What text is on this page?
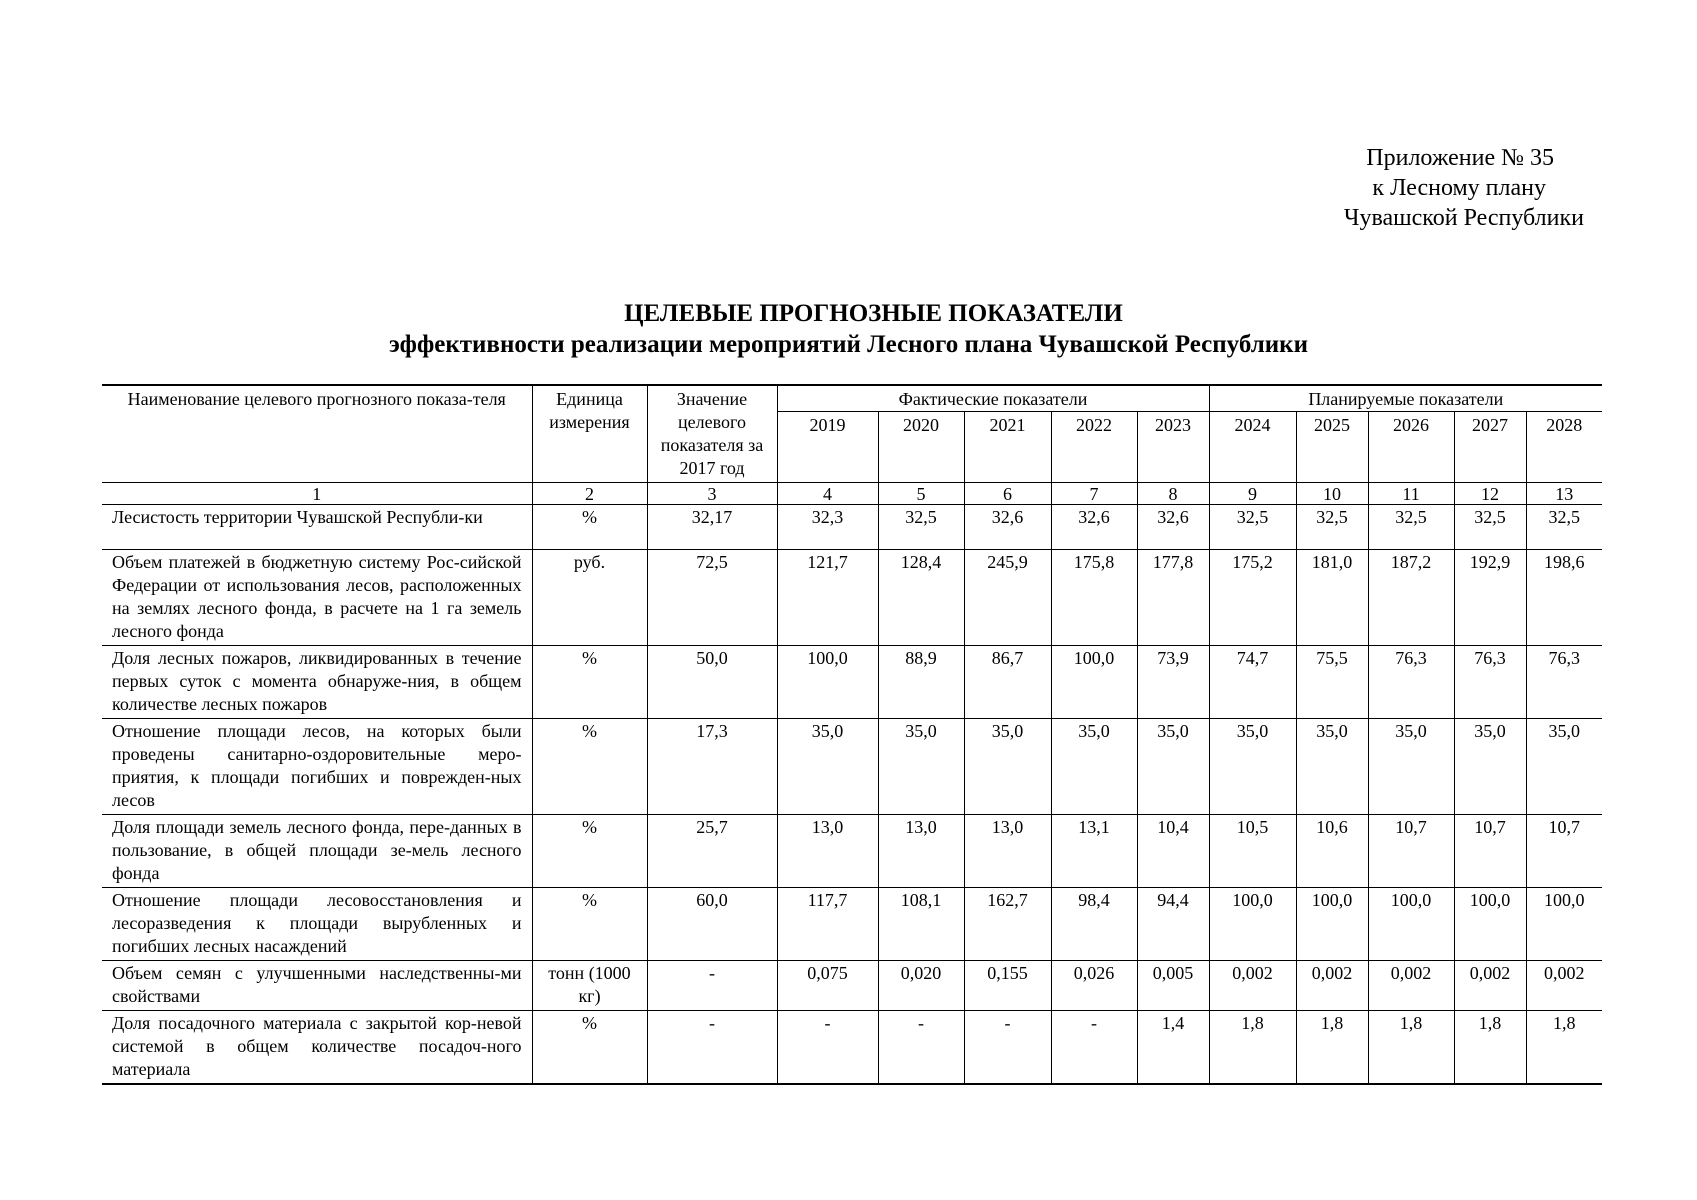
Приложение № 35
к Лесному плану
Чувашской Республики
ЦЕЛЕВЫЕ ПРОГНОЗНЫЕ ПОКАЗАТЕЛИ
эффективности реализации мероприятий Лесного плана Чувашской Республики
Наименование целевого прогнозного показа-теля	Единица измерения	Значение целевого показателя за 2017 год	Фактические показатели					Планируемые показатели				
			2019	2020	2021	2022	2023	2024	2025	2026	2027	2028
1	2	3	4	5	6	7	8	9	10	11	12	13
Лесистость территории Чувашской Республи-ки	%	32,17	32,3	32,5	32,6	32,6	32,6	32,5	32,5	32,5	32,5	32,5
Объем платежей в бюджетную систему Рос-сийской Федерации от использования лесов, расположенных на землях лесного фонда, в расчете на 1 га земель лесного фонда	руб.	72,5	121,7	128,4	245,9	175,8	177,8	175,2	181,0	187,2	192,9	198,6
Доля лесных пожаров, ликвидированных в течение первых суток с момента обнаруже-ния, в общем количестве лесных пожаров	%	50,0	100,0	88,9	86,7	100,0	73,9	74,7	75,5	76,3	76,3	76,3
Отношение площади лесов, на которых были проведены санитарно-оздоровительные меро-приятия, к площади погибших и поврежден-ных лесов	%	17,3	35,0	35,0	35,0	35,0	35,0	35,0	35,0	35,0	35,0	35,0
Доля площади земель лесного фонда, пере-данных в пользование, в общей площади зе-мель лесного фонда	%	25,7	13,0	13,0	13,0	13,1	10,4	10,5	10,6	10,7	10,7	10,7
Отношение площади лесовосстановления и лесоразведения к площади вырубленных и погибших лесных насаждений	%	60,0	117,7	108,1	162,7	98,4	94,4	100,0	100,0	100,0	100,0	100,0
Объем семян с улучшенными наследственны-ми свойствами	тонн (1000 кг)	-	0,075	0,020	0,155	0,026	0,005	0,002	0,002	0,002	0,002	0,002
Доля посадочного материала с закрытой кор-невой системой в общем количестве посадоч-ного материала	%	-	-	-	-	-	1,4	1,8	1,8	1,8	1,8	1,8
